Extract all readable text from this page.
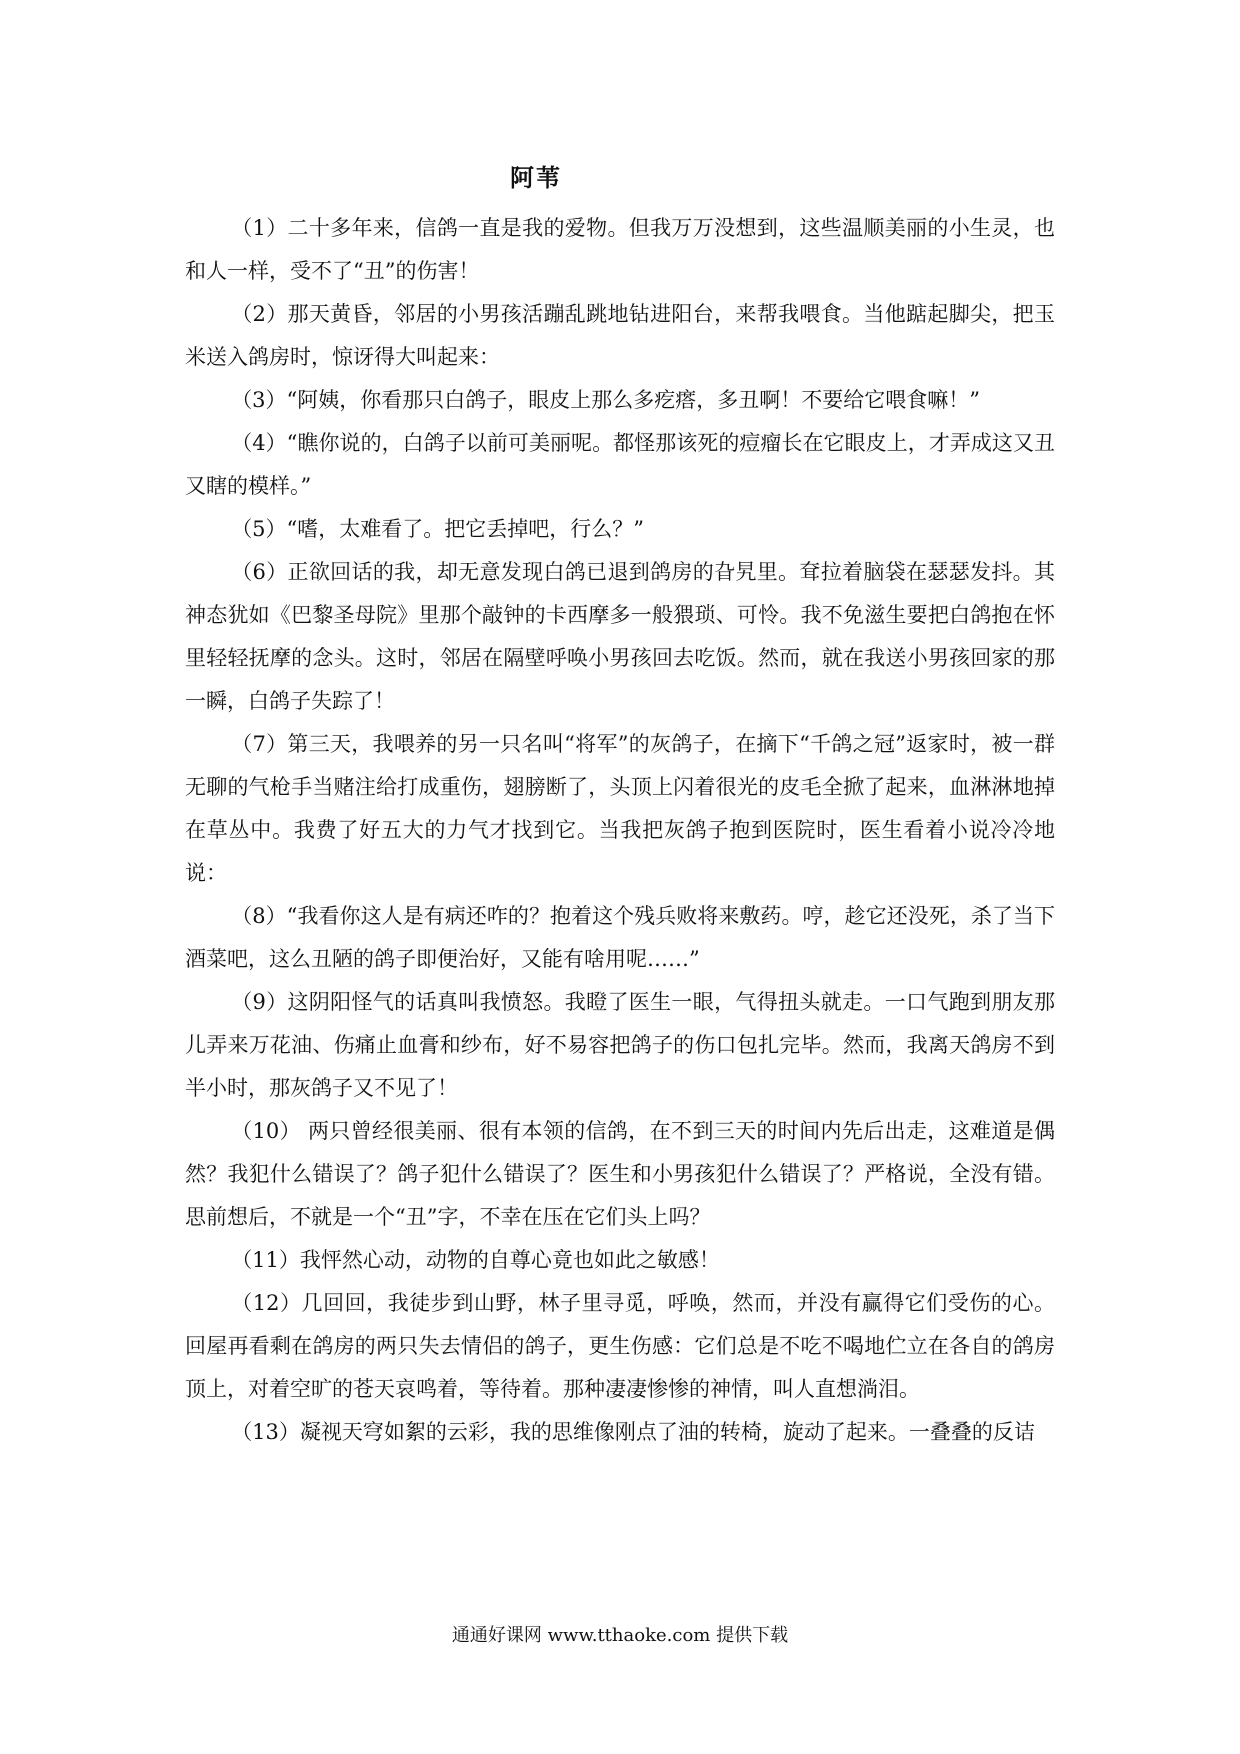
阿苇

（1）二十多年来，信鸽一直是我的爱物。但我万万没想到，这些温顺美丽的小生灵，也和人一样，受不了“丑”的伤害！

（2）那天黄昏，邻居的小男孩活蹦乱跳地钻进阳台，来帮我喂食。当他踮起脚尖，把玉米送入鸽房时，惊讶得大叫起来：

（3）“阿姨，你看那只白鸽子，眼皮上那么多疙瘩，多丑啊！不要给它喂食嘛！”

（4）“瞧你说的，白鸽子以前可美丽呢。都怪那该死的痘瘤长在它眼皮上，才弄成这又丑又瞎的模样。”

（5）“嗜，太难看了。把它丢掉吧，行么？”

（6）正欲回话的我，却无意发现白鸽已退到鸽房的旮旯里。耷拉着脑袋在瑟瑟发抖。其神态犹如《巴黎圣母院》里那个敲钟的卡西摩多一般猥琐、可怜。我不免滋生要把白鸽抱在怀里轻轻抚摩的念头。这时，邻居在隔壁呼唤小男孩回去吃饭。然而，就在我送小男孩回家的那一瞬，白鸽子失踪了！

（7）第三天，我喂养的另一只名叫“将军”的灰鸽子，在摘下“千鸽之冠”返家时，被一群无聊的气枪手当赌注给打成重伤，翅膀断了，头顶上闪着很光的皮毛全掀了起来，血淋淋地掉在草丛中。我费了好五大的力气才找到它。当我把灰鸽子抱到医院时，医生看着小说冷冷地说：

（8）“我看你这人是有病还咋的？抱着这个残兵败将来敷药。哼，趁它还没死，杀了当下酒菜吧，这么丑陋的鸽子即便治好，又能有啥用呢……”

（9）这阴阳怪气的话真叫我愤怒。我瞪了医生一眼，气得扭头就走。一口气跑到朋友那儿弄来万花油、伤痛止血膏和纱布，好不易容把鸽子的伤口包扎完毕。然而，我离天鸽房不到半小时，那灰鸽子又不见了！

（10） 两只曾经很美丽、很有本领的信鸽，在不到三天的时间内先后出走，这难道是偶然？我犯什么错误了？鸽子犯什么错误了？医生和小男孩犯什么错误了？严格说，全没有错。思前想后，不就是一个“丑”字，不幸在压在它们头上吗？

（11）我怦然心动，动物的自尊心竟也如此之敏感！

（12）几回回，我徒步到山野，林子里寻觅，呼唤，然而，并没有赢得它们受伤的心。回屋再看剩在鸽房的两只失去情侣的鸽子，更生伤感：它们总是不吃不喝地伫立在各自的鸽房顶上，对着空旷的苍天哀鸣着，等待着。那种凄凄惨惨的神情，叫人直想淌泪。

（13）凝视天穹如絮的云彩，我的思维像刚点了油的转椅，旋动了起来。一叠叠的反诘

通通好课网 www.tthaoke.com 提供下载
